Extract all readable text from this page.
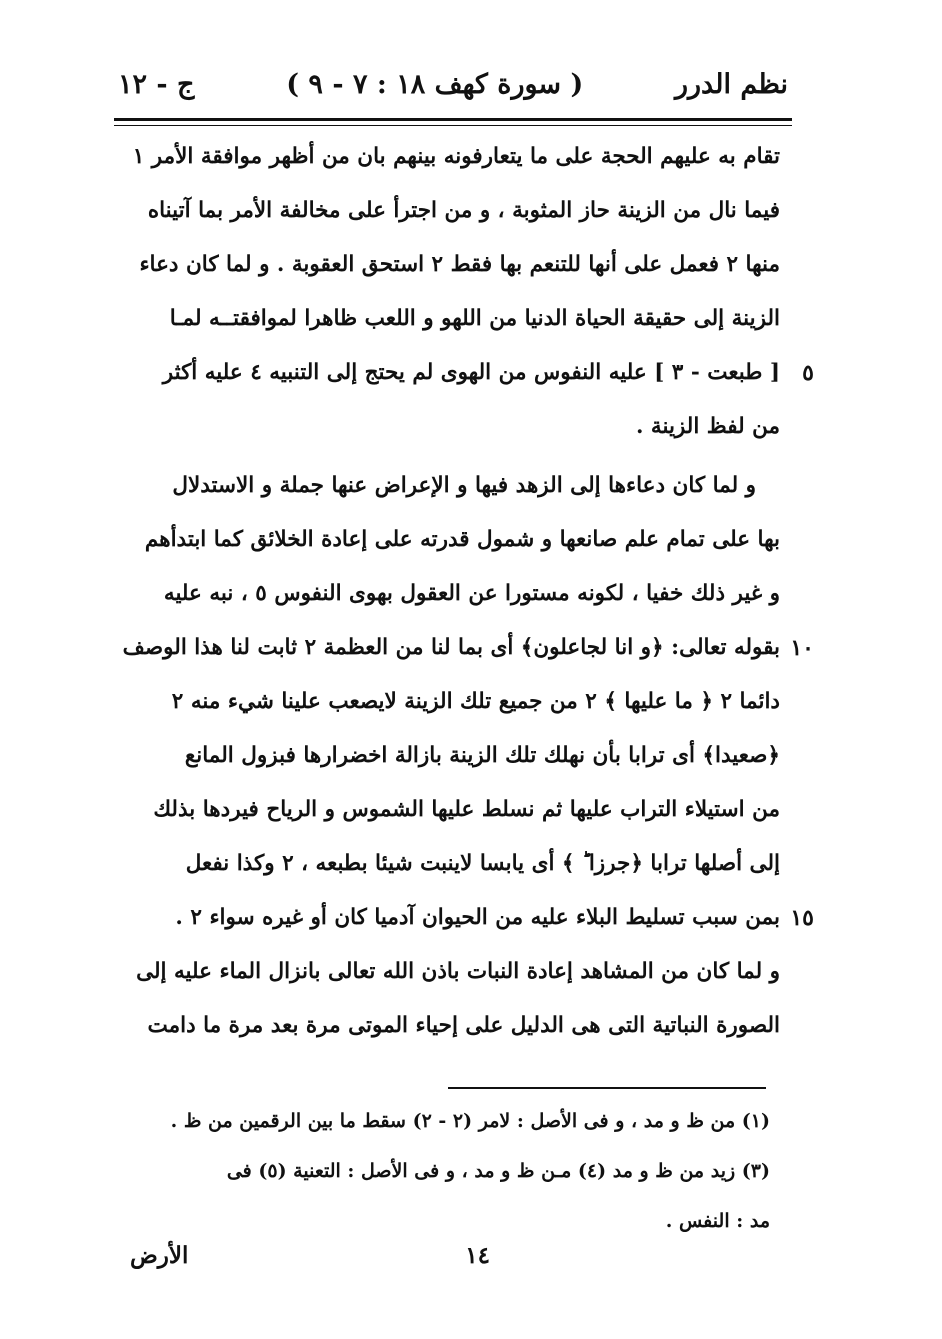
نظم الدرر
( سورة كهف ١٨ : ٧ - ٩ )
ج - ١٢
تقام به عليهم الحجة على ما يتعارفونه بينهم بان من أظهر موافقة الأمر ١
فيما نال من الزينة حاز المثوبة ، و من اجترأ على مخالفة الأمر بما آتيناه
منها ٢ فعمل على أنها للتنعم بها فقط ٢ استحق العقوبة . و لما كان دعاء
الزينة إلى حقيقة الحياة الدنيا من اللهو و اللعب ظاهرا لموافقتــه لمـا
٥
[ طبعت - ٣ ] عليه النفوس من الهوى لم يحتج إلى التنبيه ٤ عليه أكثر
من لفظ الزينة .
و لما كان دعاءها إلى الزهد فيها و الإعراض عنها جملة و الاستدلال
بها على تمام علم صانعها و شمول قدرته على إعادة الخلائق كما ابتدأهم
و غير ذلك خفيا ، لكونه مستورا عن العقول بهوى النفوس ٥ ، نبه عليه
١٠
بقوله تعالى: ﴿و انا لجاعلون﴾ أى بما لنا من العظمة ٢ ثابت لنا هذا الوصف
دائما ٢ ﴿ ما عليها ﴾ ٢ من جميع تلك الزينة لايصعب علينا شيء منه ٢
﴿صعيدا﴾ أى ترابا بأن نهلك تلك الزينة بازالة اخضرارها فبزول المانع
من استيلاء التراب عليها ثم نسلط عليها الشموس و الرياح فيردها بذلك
إلى أصلها ترابا ﴿جرزا ؕ ﴾ أى يابسا لاينبت شيئا بطبعه ، ٢ وكذا نفعل
١٥
بمن سبب تسليط البلاء عليه من الحيوان آدميا كان أو غيره سواء ٢ .
و لما كان من المشاهد إعادة النبات باذن الله تعالى بانزال الماء عليه إلى
الصورة النباتية التى هى الدليل على إحياء الموتى مرة بعد مرة ما دامت
(١) من ظ و مد ، و فى الأصل : لامر (٢ - ٢) سقط ما بين الرقمين من ظ .
(٣) زيد من ظ و مد (٤) مـن ظ و مد ، و فى الأصل : التعنية (٥) فى
مد : النفس .
١٤
الأرض
